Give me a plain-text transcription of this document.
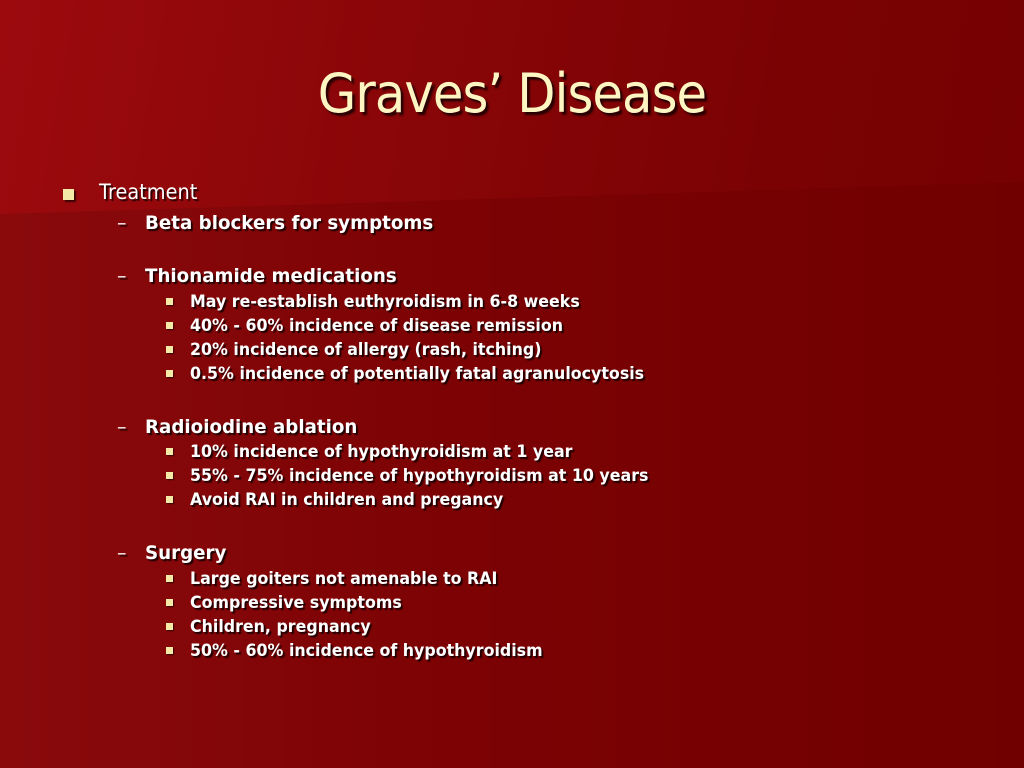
Graves’ Disease
Treatment
– Beta blockers for symptoms
– Thionamide medications
May re-establish euthyroidism in 6-8 weeks
40% - 60% incidence of disease remission
20% incidence of allergy (rash, itching)
0.5% incidence of potentially fatal agranulocytosis
– Radioiodine ablation
10% incidence of hypothyroidism at 1 year
55% - 75% incidence of hypothyroidism at 10 years
Avoid RAI in children and pregancy
– Surgery
Large goiters not amenable to RAI
Compressive symptoms
Children, pregnancy
50% - 60% incidence of hypothyroidism
